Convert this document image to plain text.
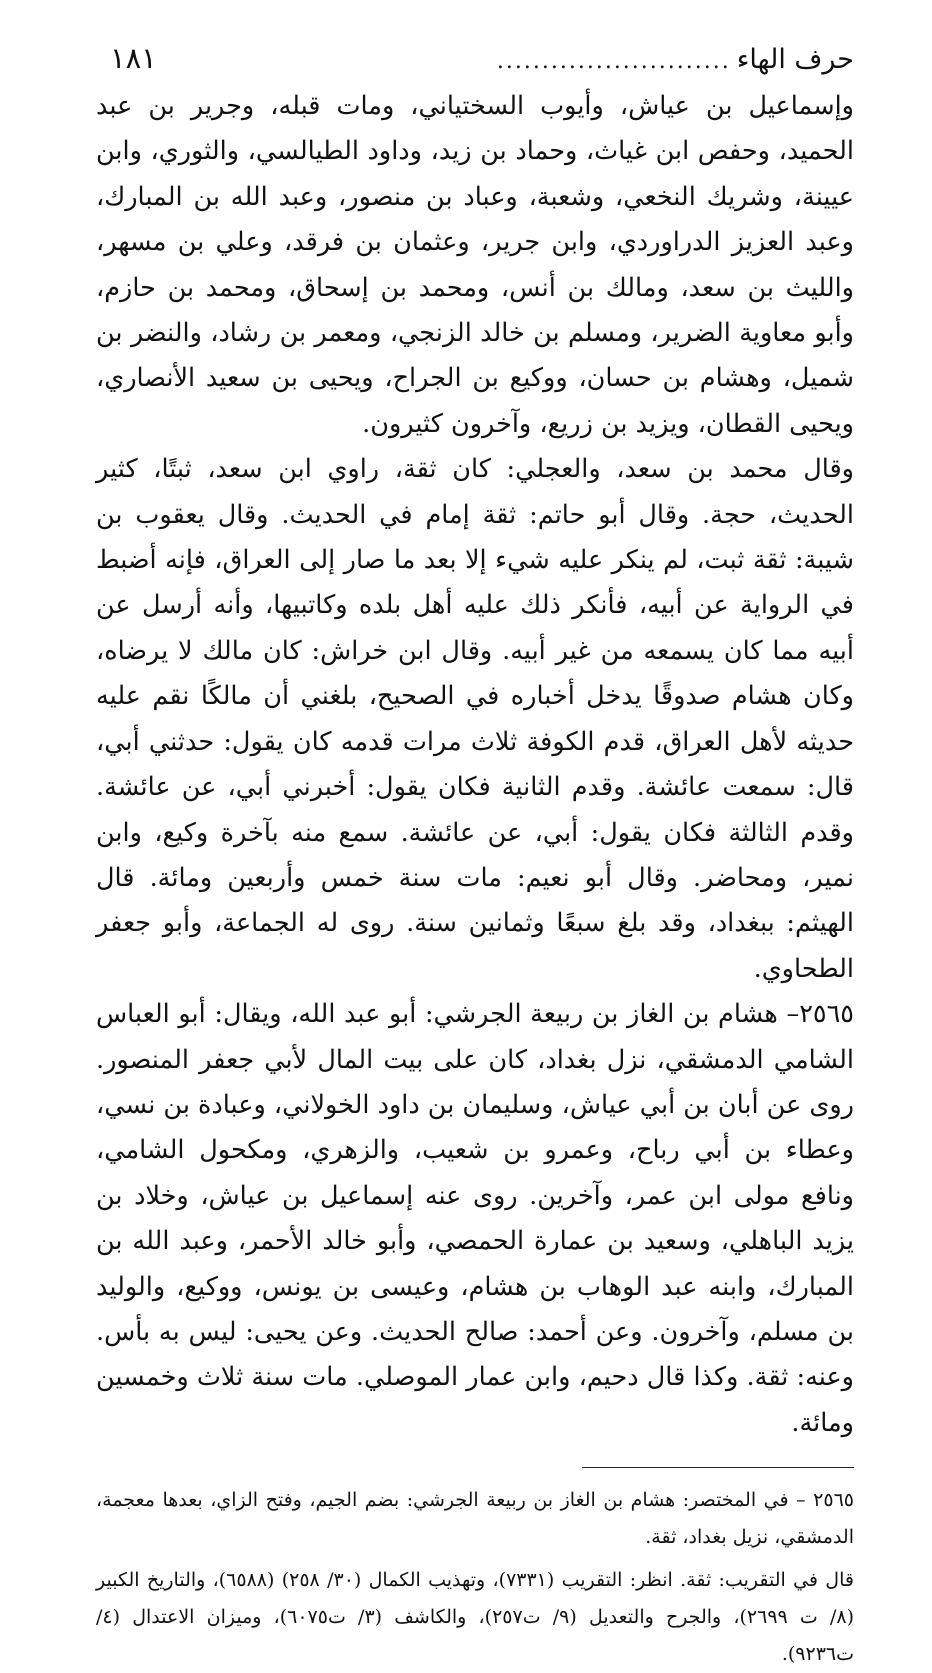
حرف الهاء
..........................
١٨١

وإسماعيل بن عياش، وأيوب السختياني، ومات قبله، وجرير بن عبد الحميد، وحفص ابن غياث، وحماد بن زيد، وداود الطيالسي، والثوري، وابن عيينة، وشريك النخعي، وشعبة، وعباد بن منصور، وعبد الله بن المبارك، وعبد العزيز الدراوردي، وابن جرير، وعثمان بن فرقد، وعلي بن مسهر، والليث بن سعد، ومالك بن أنس، ومحمد بن إسحاق، ومحمد بن حازم، وأبو معاوية الضرير، ومسلم بن خالد الزنجي، ومعمر بن رشاد، والنضر بن شميل، وهشام بن حسان، ووكيع بن الجراح، ويحيى بن سعيد الأنصاري، ويحيى القطان، ويزيد بن زريع، وآخرون كثيرون.

وقال محمد بن سعد، والعجلي: كان ثقة، راوي ابن سعد، ثبتًا، كثير الحديث، حجة. وقال أبو حاتم: ثقة إمام في الحديث. وقال يعقوب بن شيبة: ثقة ثبت، لم ينكر عليه شيء إلا بعد ما صار إلى العراق، فإنه أضبط في الرواية عن أبيه، فأنكر ذلك عليه أهل بلده وكاتبيها، وأنه أرسل عن أبيه مما كان يسمعه من غير أبيه. وقال ابن خراش: كان مالك لا يرضاه، وكان هشام صدوقًا يدخل أخباره في الصحيح، بلغني أن مالكًا نقم عليه حديثه لأهل العراق، قدم الكوفة ثلاث مرات قدمه كان يقول: حدثني أبي، قال: سمعت عائشة. وقدم الثانية فكان يقول: أخبرني أبي، عن عائشة. وقدم الثالثة فكان يقول: أبي، عن عائشة. سمع منه بآخرة وكيع، وابن نمير، ومحاضر. وقال أبو نعيم: مات سنة خمس وأربعين ومائة. قال الهيثم: ببغداد، وقد بلغ سبعًا وثمانين سنة. روى له الجماعة، وأبو جعفر الطحاوي.

٢٥٦٥– هشام بن الغاز بن ربيعة الجرشي: أبو عبد الله، ويقال: أبو العباس الشامي الدمشقي، نزل بغداد، كان على بيت المال لأبي جعفر المنصور. روى عن أبان بن أبي عياش، وسليمان بن داود الخولاني، وعبادة بن نسي، وعطاء بن أبي رباح، وعمرو بن شعيب، والزهري، ومكحول الشامي، ونافع مولى ابن عمر، وآخرين. روى عنه إسماعيل بن عياش، وخلاد بن يزيد الباهلي، وسعيد بن عمارة الحمصي، وأبو خالد الأحمر، وعبد الله بن المبارك، وابنه عبد الوهاب بن هشام، وعيسى بن يونس، ووكيع، والوليد بن مسلم، وآخرون. وعن أحمد: صالح الحديث. وعن يحيى: ليس به بأس. وعنه: ثقة. وكذا قال دحيم، وابن عمار الموصلي. مات سنة ثلاث وخمسين ومائة.

٢٥٦٥ – في المختصر: هشام بن الغاز بن ربيعة الجرشي: بضم الجيم، وفتح الزاي، بعدها معجمة، الدمشقي، نزيل بغداد، ثقة.

قال في التقريب: ثقة. انظر: التقريب (٧٣٣١)، وتهذيب الكمال (٣٠/ ٢٥٨) (٦٥٨٨)، والتاريخ الكبير (٨/ ت ٢٦٩٩)، والجرح والتعديل (٩/ ت٢٥٧)، والكاشف (٣/ ت٦٠٧٥)، وميزان الاعتدال (٤/ ت٩٢٣٦).
